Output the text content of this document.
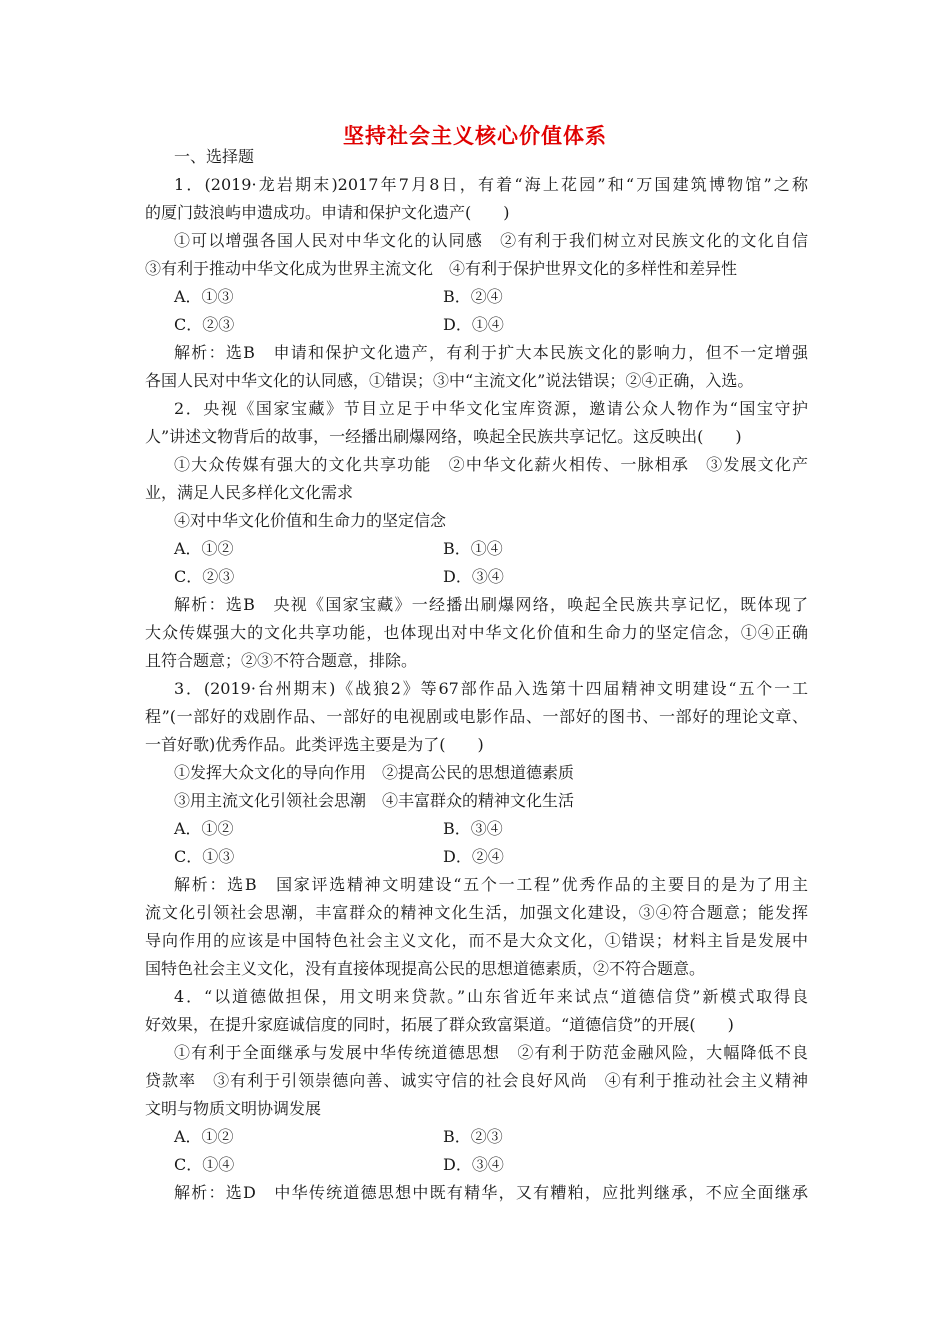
坚持社会主义核心价值体系
一、选择题
1．(2019·龙岩期末)2017年7月8日，有着“海上花园”和“万国建筑博物馆”之称
的厦门鼓浪屿申遗成功。申请和保护文化遗产(　　)
①可以增强各国人民对中华文化的认同感　②有利于我们树立对民族文化的文化自信
③有利于推动中华文化成为世界主流文化　④有利于保护世界文化的多样性和差异性
A．①③	B．②④
C．②③	D．①④
解析：选B　申请和保护文化遗产，有利于扩大本民族文化的影响力，但不一定增强
各国人民对中华文化的认同感，①错误；③中“主流文化”说法错误；②④正确，入选。
2．央视《国家宝藏》节目立足于中华文化宝库资源，邀请公众人物作为“国宝守护
人”讲述文物背后的故事，一经播出刷爆网络，唤起全民族共享记忆。这反映出(　　)
①大众传媒有强大的文化共享功能　②中华文化薪火相传、一脉相承　③发展文化产
业，满足人民多样化文化需求
④对中华文化价值和生命力的坚定信念
A．①②	B．①④
C．②③	D．③④
解析：选B　央视《国家宝藏》一经播出刷爆网络，唤起全民族共享记忆，既体现了
大众传媒强大的文化共享功能，也体现出对中华文化价值和生命力的坚定信念，①④正确
且符合题意；②③不符合题意，排除。
3．(2019·台州期末)《战狼2》等67部作品入选第十四届精神文明建设“五个一工
程”(一部好的戏剧作品、一部好的电视剧或电影作品、一部好的图书、一部好的理论文章、
一首好歌)优秀作品。此类评选主要是为了(　　)
①发挥大众文化的导向作用　②提高公民的思想道德素质
③用主流文化引领社会思潮　④丰富群众的精神文化生活
A．①②	B．③④
C．①③	D．②④
解析：选B　国家评选精神文明建设“五个一工程”优秀作品的主要目的是为了用主
流文化引领社会思潮，丰富群众的精神文化生活，加强文化建设，③④符合题意；能发挥
导向作用的应该是中国特色社会主义文化，而不是大众文化，①错误；材料主旨是发展中
国特色社会主义文化，没有直接体现提高公民的思想道德素质，②不符合题意。
4．“以道德做担保，用文明来贷款。”山东省近年来试点“道德信贷”新模式取得良
好效果，在提升家庭诚信度的同时，拓展了群众致富渠道。“道德信贷”的开展(　　)
①有利于全面继承与发展中华传统道德思想　②有利于防范金融风险，大幅降低不良
贷款率　③有利于引领崇德向善、诚实守信的社会良好风尚　④有利于推动社会主义精神
文明与物质文明协调发展
A．①②	B．②③
C．①④	D．③④
解析：选D　中华传统道德思想中既有精华，又有糟粕，应批判继承，不应全面继承
